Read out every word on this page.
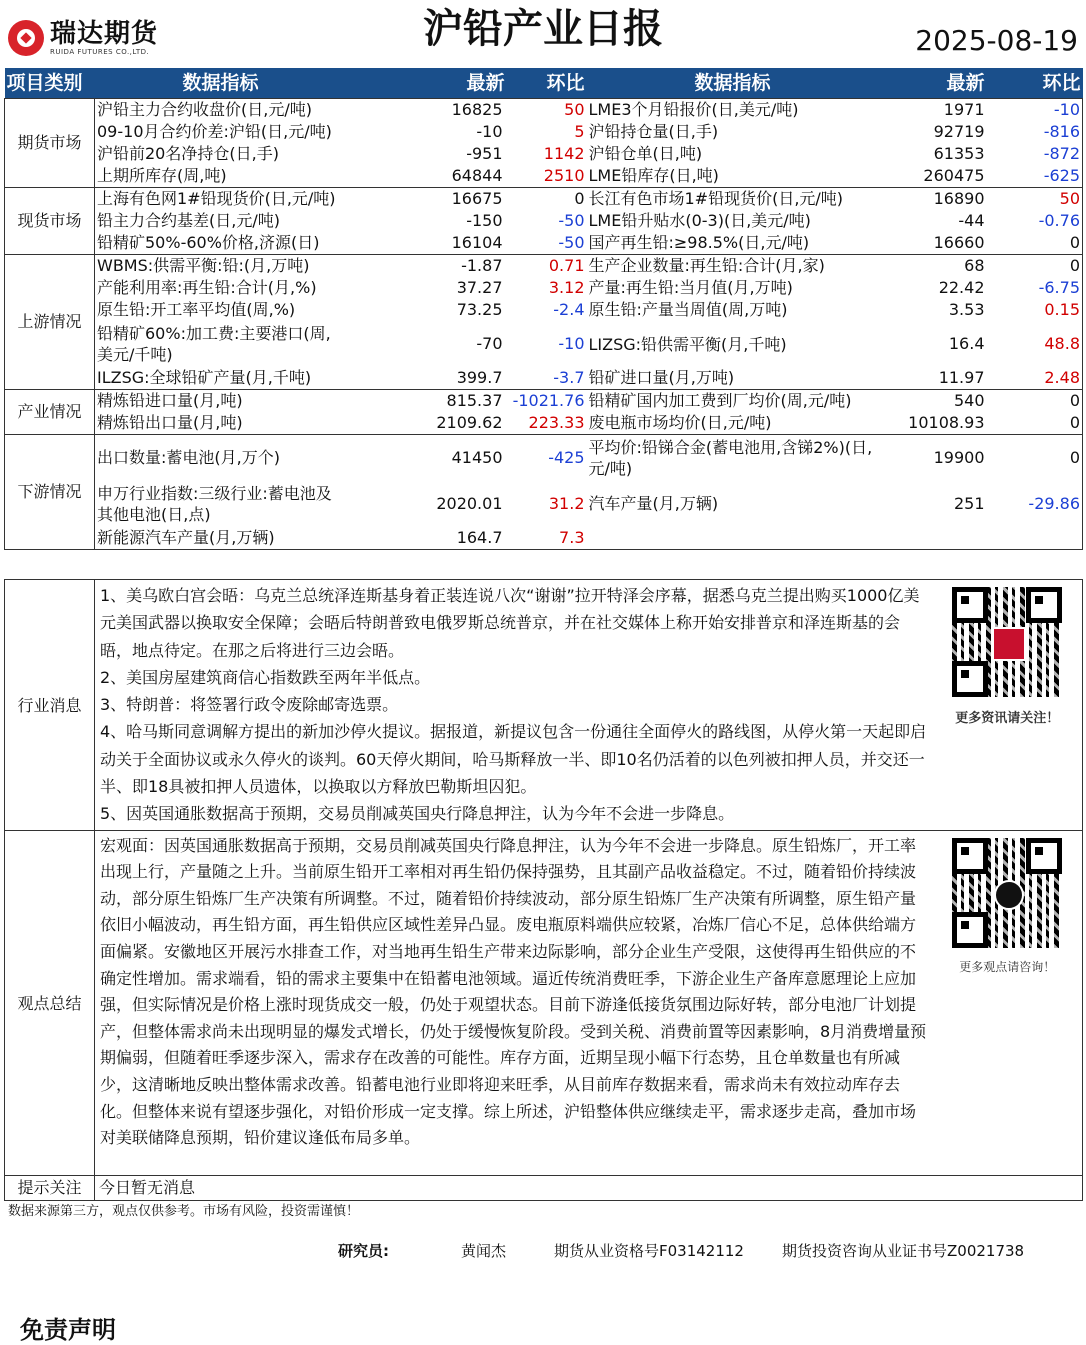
瑞达期货
RUIDA FUTURES CO.,LTD.	沪铅产业日报	2025-08-19
项目类别	数据指标	最新	环比	数据指标	最新	环比
期货市场	沪铅主力合约收盘价(日,元/吨)	16825	50	LME3个月铅报价(日,美元/吨)	1971	-10
	09-10月合约价差:沪铅(日,元/吨)	-10	5	沪铅持仓量(日,手)	92719	-816
	沪铅前20名净持仓(日,手)	-951	1142	沪铅仓单(日,吨)	61353	-872
	上期所库存(周,吨)	64844	2510	LME铅库存(日,吨)	260475	-625
现货市场	上海有色网1#铅现货价(日,元/吨)	16675	0	长江有色市场1#铅现货价(日,元/吨)	16890	50
	铅主力合约基差(日,元/吨)	-150	-50	LME铅升贴水(0-3)(日,美元/吨)	-44	-0.76
	铅精矿50%-60%价格,济源(日)	16104	-50	国产再生铅:≥98.5%(日,元/吨)	16660	0
上游情况	WBMS:供需平衡:铅:(月,万吨)	-1.87	0.71	生产企业数量:再生铅:合计(月,家)	68	0
	产能利用率:再生铅:合计(月,%)	37.27	3.12	产量:再生铅:当月值(月,万吨)	22.42	-6.75
	原生铅:开工率平均值(周,%)	73.25	-2.4	原生铅:产量当周值(周,万吨)	3.53	0.15
	铅精矿60%:加工费:主要港口(周,美元/千吨)	-70	-10	LIZSG:铅供需平衡(月,千吨)	16.4	48.8
	ILZSG:全球铅矿产量(月,千吨)	399.7	-3.7	铅矿进口量(月,万吨)	11.97	2.48
产业情况	精炼铅进口量(月,吨)	815.37	-1021.76	铅精矿国内加工费到厂均价(周,元/吨)	540	0
	精炼铅出口量(月,吨)	2109.62	223.33	废电瓶市场均价(日,元/吨)	10108.93	0
下游情况	出口数量:蓄电池(月,万个)	41450	-425	平均价:铅锑合金(蓄电池用,含锑2%)(日,元/吨)	19900	0
	申万行业指数:三级行业:蓄电池及其他电池(日,点)	2020.01	31.2	汽车产量(月,万辆)	251	-29.86
	新能源汽车产量(月,万辆)	164.7	7.3			
行业消息	1、美乌欧白宫会晤：乌克兰总统泽连斯基身着正装连说八次“谢谢”拉开特泽会序幕，据悉乌克兰提出购买1000亿美元美国武器以换取安全保障；会晤后特朗普致电俄罗斯总统普京，并在社交媒体上称开始安排普京和泽连斯基的会晤，地点待定。在那之后将进行三边会晤。
2、美国房屋建筑商信心指数跌至两年半低点。
3、特朗普：将签署行政令废除邮寄选票。
4、哈马斯同意调解方提出的新加沙停火提议。据报道，新提议包含一份通往全面停火的路线图，从停火第一天起即启动关于全面协议或永久停火的谈判。60天停火期间，哈马斯释放一半、即10名仍活着的以色列被扣押人员，并交还一半、即18具被扣押人员遗体，以换取以方释放巴勒斯坦囚犯。
5、因英国通胀数据高于预期，交易员削减英国央行降息押注，认为今年不会进一步降息。	更多资讯请关注！

观点总结	宏观面：因英国通胀数据高于预期，交易员削减英国央行降息押注，认为今年不会进一步降息。原生铅炼厂，开工率出现上行，产量随之上升。当前原生铅开工率相对再生铅仍保持强势，且其副产品收益稳定。不过，随着铅价持续波动，部分原生铅炼厂生产决策有所调整。不过，随着铅价持续波动，部分原生铅炼厂生产决策有所调整，原生铅产量依旧小幅波动，再生铅方面，再生铅供应区域性差异凸显。废电瓶原料端供应较紧，冶炼厂信心不足，总体供给端方面偏紧。安徽地区开展污水排查工作，对当地再生铅生产带来边际影响，部分企业生产受限，这使得再生铅供应的不确定性增加。需求端看，铅的需求主要集中在铅蓄电池领域。逼近传统消费旺季，下游企业生产备库意愿理论上应加强，但实际情况是价格上涨时现货成交一般，仍处于观望状态。目前下游逢低接货氛围边际好转，部分电池厂计划提产，但整体需求尚未出现明显的爆发式增长，仍处于缓慢恢复阶段。受到关税、消费前置等因素影响，8月消费增量预期偏弱，但随着旺季逐步深入，需求存在改善的可能性。库存方面，近期呈现小幅下行态势，且仓单数量也有所减少，这清晰地反映出整体需求改善。铅蓄电池行业即将迎来旺季，从目前库存数据来看，需求尚未有效拉动库存去化。但整体来说有望逐步强化，对铅价形成一定支撑。综上所述，沪铅整体供应继续走平，需求逐步走高，叠加市场对美联储降息预期，铅价建议逢低布局多单。	更多观点请咨询！

提示关注	今日暂无消息	
数据来源第三方，观点仅供参考。市场有风险，投资需谨慎！
研究员:	黄闻杰	期货从业资格号F03142112	期货投资咨询从业证书号Z0021738
免责声明
